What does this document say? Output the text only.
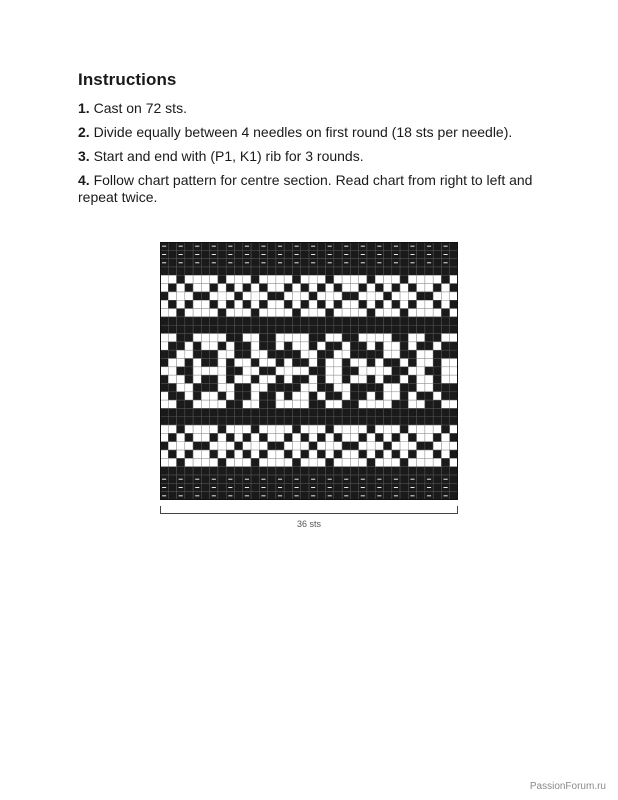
Instructions

1. Cast on 72 sts.

2. Divide equally between 4 needles on first round (18 sts per needle).

3. Start and end with (P1, K1) rib for 3 rounds.

4. Follow chart pattern for centre section. Read chart from right to left and repeat twice.

36 sts
PassionForum.ru
